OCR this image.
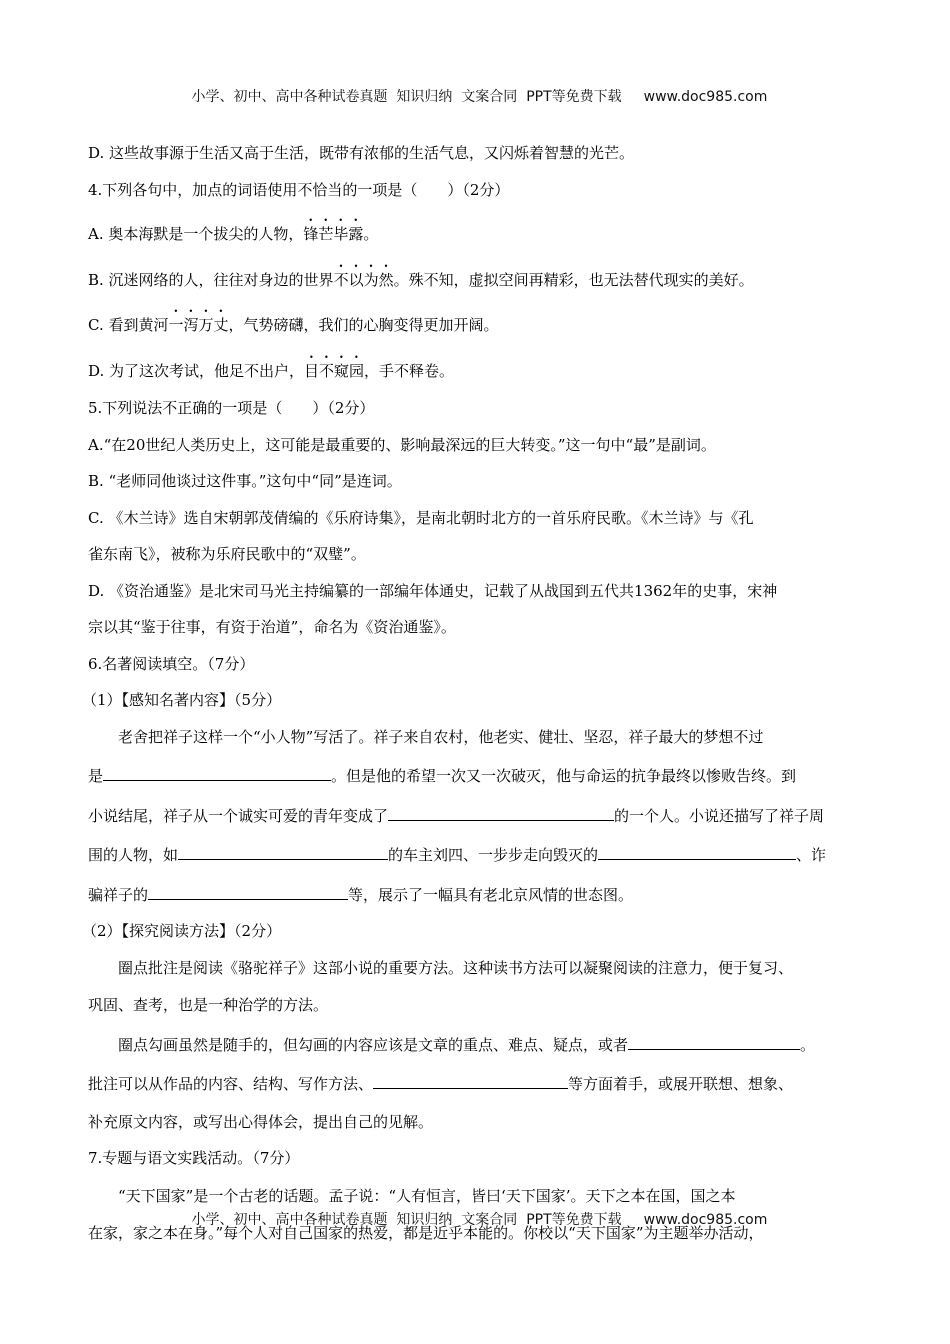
小学、初中、高中各种试卷真题  知识归纳  文案合同  PPT等免费下载 www.doc985.com

D. 这些故事源于生活又高于生活，既带有浓郁的生活气息，又闪烁着智慧的光芒。
4.下列各句中，加点的词语使用不恰当的一项是（　　）（2分）
A. 奥本海默是一个拔尖的人物，锋芒毕露。
B. 沉迷网络的人，往往对身边的世界不以为然。殊不知，虚拟空间再精彩，也无法替代现实的美好。
C. 看到黄河一泻万丈，气势磅礴，我们的心胸变得更加开阔。
D. 为了这次考试，他足不出户，目不窥园，手不释卷。
5.下列说法不正确的一项是（　　）（2分）
A.“在20世纪人类历史上，这可能是最重要的、影响最深远的巨大转变。”这一句中“最”是副词。
B. “老师同他谈过这件事。”这句中“同”是连词。
C. 《木兰诗》选自宋朝郭茂倩编的《乐府诗集》，是南北朝时北方的一首乐府民歌。《木兰诗》与《孔
雀东南飞》，被称为乐府民歌中的“双璧”。
D. 《资治通鉴》是北宋司马光主持编纂的一部编年体通史，记载了从战国到五代共1362年的史事，宋神
宗以其“鉴于往事，有资于治道”，命名为《资治通鉴》。
6.名著阅读填空。（7分）
（1）【感知名著内容】（5分）
老舍把祥子这样一个“小人物”写活了。祥子来自农村，他老实、健壮、坚忍，祥子最大的梦想不过
是	。但是他的希望一次又一次破灭，他与命运的抗争最终以惨败告终。到
小说结尾，祥子从一个诚实可爱的青年变成了	的一个人。小说还描写了祥子周
围的人物，如	的车主刘四、一步步走向毁灭的	、诈
骗祥子的	等，展示了一幅具有老北京风情的世态图。
（2）【探究阅读方法】（2分）
圈点批注是阅读《骆驼祥子》这部小说的重要方法。这种读书方法可以凝聚阅读的注意力，便于复习、
巩固、查考，也是一种治学的方法。
圈点勾画虽然是随手的，但勾画的内容应该是文章的重点、难点、疑点，或者	。
批注可以从作品的内容、结构、写作方法、	等方面着手，或展开联想、想象、
补充原文内容，或写出心得体会，提出自己的见解。
7.专题与语文实践活动。（7分）
“天下国家”是一个古老的话题。孟子说：“人有恒言，皆曰‘天下国家’。天下之本在国，国之本
在家，家之本在身。”每个人对自己国家的热爱，都是近乎本能的。你校以“天下国家”为主题举办活动，

小学、初中、高中各种试卷真题  知识归纳  文案合同  PPT等免费下载 www.doc985.com
